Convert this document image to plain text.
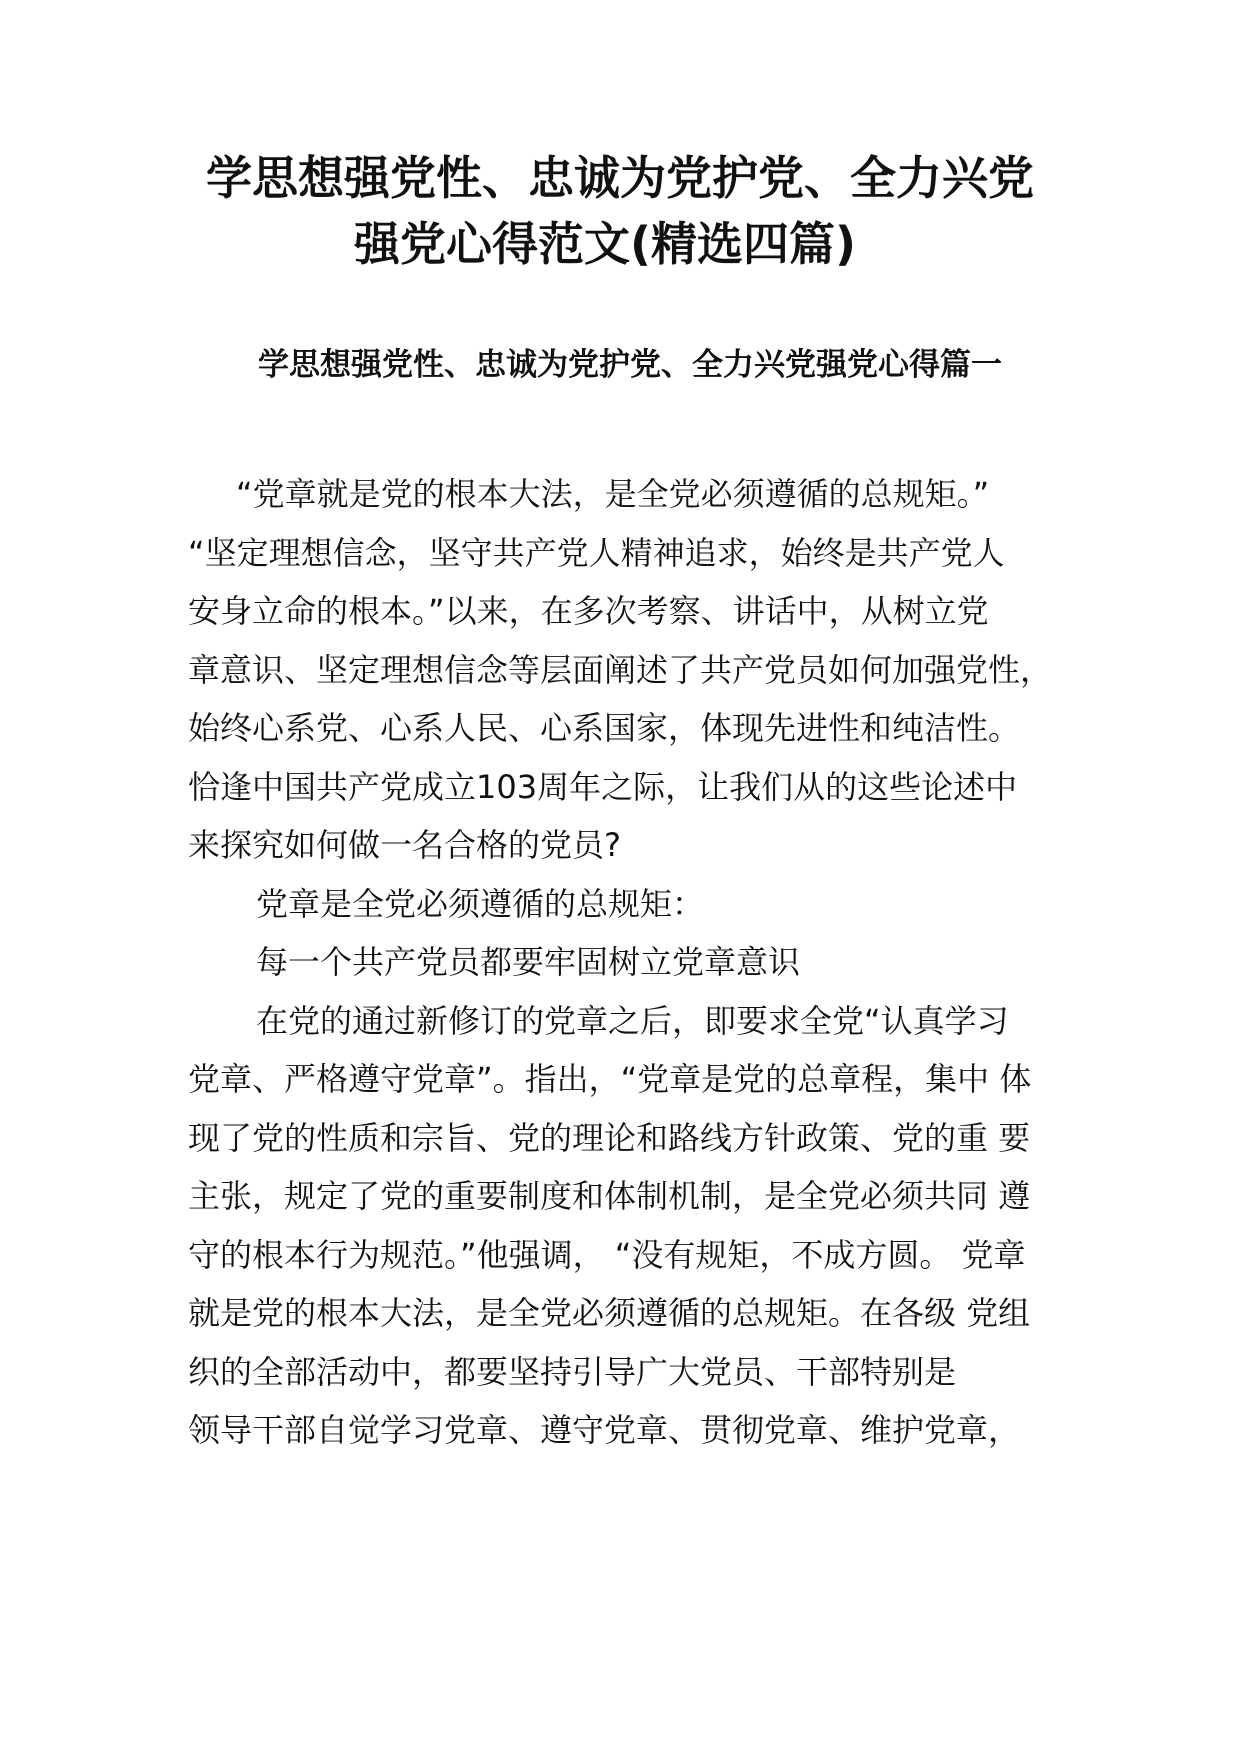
学思想强党性、忠诚为党护党、全力兴党
强党心得范文(精选四篇)
学思想强党性、忠诚为党护党、全力兴党强党心得篇一

“党章就是党的根本大法，是全党必须遵循的总规矩。”
“坚定理想信念，坚守共产党人精神追求，始终是共产党人
安身立命的根本。”以来，在多次考察、讲话中，从树立党
章意识、坚定理想信念等层面阐述了共产党员如何加强党性，
始终心系党、心系人民、心系国家，体现先进性和纯洁性。
恰逢中国共产党成立103周年之际，让我们从的这些论述中
来探究如何做一名合格的党员?

党章是全党必须遵循的总规矩：

每一个共产党员都要牢固树立党章意识

在党的通过新修订的党章之后，即要求全党“认真学习
党章、严格遵守党章”。指出，“党章是党的总章程，集中 体
现了党的性质和宗旨、党的理论和路线方针政策、党的重 要
主张，规定了党的重要制度和体制机制，是全党必须共同 遵
守的根本行为规范。”他强调， “没有规矩，不成方圆。 党章
就是党的根本大法，是全党必须遵循的总规矩。在各级 党组
织的全部活动中，都要坚持引导广大党员、干部特别是
领导干部自觉学习党章、遵守党章、贯彻党章、维护党章，
